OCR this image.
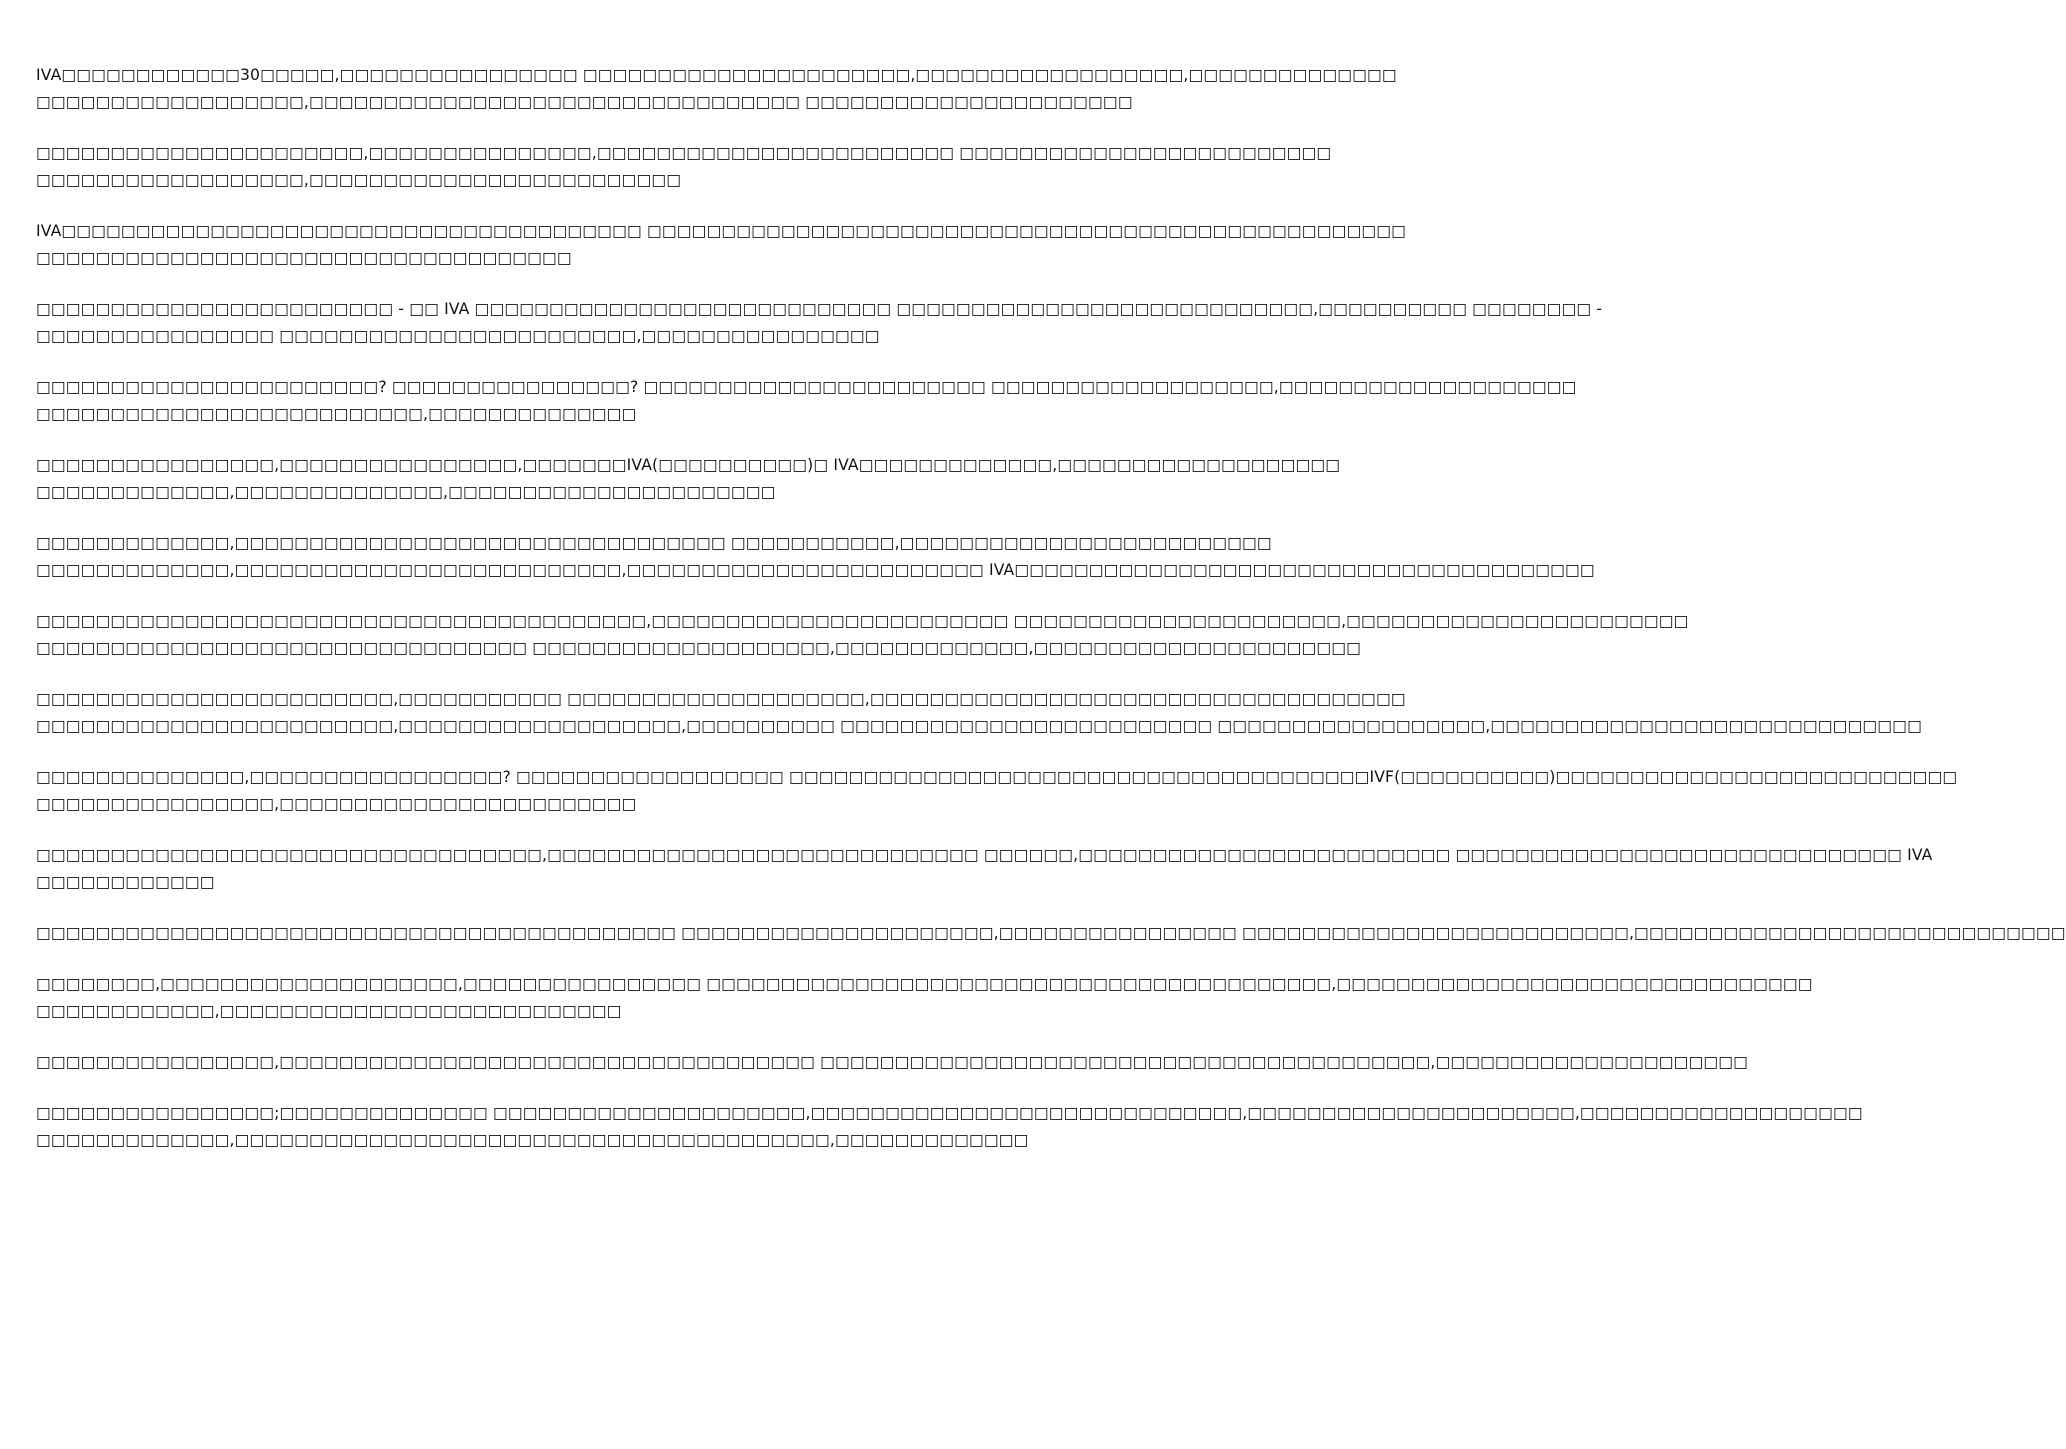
IVA□□□□□□□□□□□□30□□□□□,□□□□□□□□□□□□□□□□ □□□□□□□□□□□□□□□□□□□□□□,□□□□□□□□□□□□□□□□□□,□□□□□□□□□□□□□□
□□□□□□□□□□□□□□□□□□,□□□□□□□□□□□□□□□□□□□□□□□□□□□□□□□□□ □□□□□□□□□□□□□□□□□□□□□□
□□□□□□□□□□□□□□□□□□□□□□,□□□□□□□□□□□□□□□,□□□□□□□□□□□□□□□□□□□□□□□□ □□□□□□□□□□□□□□□□□□□□□□□□□
□□□□□□□□□□□□□□□□□□,□□□□□□□□□□□□□□□□□□□□□□□□□
IVA□□□□□□□□□□□□□□□□□□□□□□□□□□□□□□□□□□□□□□□ □□□□□□□□□□□□□□□□□□□□□□□□□□□□□□□□□□□□□□□□□□□□□□□□□□□
□□□□□□□□□□□□□□□□□□□□□□□□□□□□□□□□□□□□
□□□□□□□□□□□□□□□□□□□□□□□□ - □□ IVA □□□□□□□□□□□□□□□□□□□□□□□□□□□□ □□□□□□□□□□□□□□□□□□□□□□□□□□□□,□□□□□□□□□□ □□□□□□□□ -
□□□□□□□□□□□□□□□□ □□□□□□□□□□□□□□□□□□□□□□□□,□□□□□□□□□□□□□□□□
□□□□□□□□□□□□□□□□□□□□□□□? □□□□□□□□□□□□□□□□? □□□□□□□□□□□□□□□□□□□□□□□ □□□□□□□□□□□□□□□□□□□,□□□□□□□□□□□□□□□□□□□□
□□□□□□□□□□□□□□□□□□□□□□□□□□,□□□□□□□□□□□□□□
□□□□□□□□□□□□□□□□,□□□□□□□□□□□□□□□□,□□□□□□□IVA(□□□□□□□□□□)□ IVA□□□□□□□□□□□□□,□□□□□□□□□□□□□□□□□□□
□□□□□□□□□□□□□,□□□□□□□□□□□□□□,□□□□□□□□□□□□□□□□□□□□□□
□□□□□□□□□□□□□,□□□□□□□□□□□□□□□□□□□□□□□□□□□□□□□□□ □□□□□□□□□□□,□□□□□□□□□□□□□□□□□□□□□□□□□
□□□□□□□□□□□□□,□□□□□□□□□□□□□□□□□□□□□□□□□□,□□□□□□□□□□□□□□□□□□□□□□□□ IVA□□□□□□□□□□□□□□□□□□□□□□□□□□□□□□□□□□□□□□□
□□□□□□□□□□□□□□□□□□□□□□□□□□□□□□□□□□□□□□□□□,□□□□□□□□□□□□□□□□□□□□□□□□ □□□□□□□□□□□□□□□□□□□□□□,□□□□□□□□□□□□□□□□□□□□□□□
□□□□□□□□□□□□□□□□□□□□□□□□□□□□□□□□□ □□□□□□□□□□□□□□□□□□□□,□□□□□□□□□□□□□,□□□□□□□□□□□□□□□□□□□□□□
□□□□□□□□□□□□□□□□□□□□□□□□,□□□□□□□□□□□ □□□□□□□□□□□□□□□□□□□□,□□□□□□□□□□□□□□□□□□□□□□□□□□□□□□□□□□□□
□□□□□□□□□□□□□□□□□□□□□□□□,□□□□□□□□□□□□□□□□□□□,□□□□□□□□□□ □□□□□□□□□□□□□□□□□□□□□□□□□ □□□□□□□□□□□□□□□□□□,□□□□□□□□□□□□□□□□□□□□□□□□□□□□□
□□□□□□□□□□□□□□,□□□□□□□□□□□□□□□□□? □□□□□□□□□□□□□□□□□□ □□□□□□□□□□□□□□□□□□□□□□□□□□□□□□□□□□□□□□□IVF(□□□□□□□□□□)□□□□□□□□□□□□□□□□□□□□□□□□□□□
□□□□□□□□□□□□□□□□,□□□□□□□□□□□□□□□□□□□□□□□□
□□□□□□□□□□□□□□□□□□□□□□□□□□□□□□□□□□,□□□□□□□□□□□□□□□□□□□□□□□□□□□□□ □□□□□□,□□□□□□□□□□□□□□□□□□□□□□□□□ □□□□□□□□□□□□□□□□□□□□□□□□□□□□□□ IVA
□□□□□□□□□□□□
□□□□□□□□□□□□□□□□□□□□□□□□□□□□□□□□□□□□□□□□□□□ □□□□□□□□□□□□□□□□□□□□□,□□□□□□□□□□□□□□□□ □□□□□□□□□□□□□□□□□□□□□□□□□□,□□□□□□□□□□□□□□□□□□□□□□□□□□□□□
□□□□□□□□,□□□□□□□□□□□□□□□□□□□□,□□□□□□□□□□□□□□□□ □□□□□□□□□□□□□□□□□□□□□□□□□□□□□□□□□□□□□□□□□□,□□□□□□□□□□□□□□□□□□□□□□□□□□□□□□□□
□□□□□□□□□□□□,□□□□□□□□□□□□□□□□□□□□□□□□□□□
□□□□□□□□□□□□□□□□,□□□□□□□□□□□□□□□□□□□□□□□□□□□□□□□□□□□□ □□□□□□□□□□□□□□□□□□□□□□□□□□□□□□□□□□□□□□□□□,□□□□□□□□□□□□□□□□□□□□□
□□□□□□□□□□□□□□□□;□□□□□□□□□□□□□□ □□□□□□□□□□□□□□□□□□□□□,□□□□□□□□□□□□□□□□□□□□□□□□□□□□□,□□□□□□□□□□□□□□□□□□□□□□,□□□□□□□□□□□□□□□□□□□
□□□□□□□□□□□□□,□□□□□□□□□□□□□□□□□□□□□□□□□□□□□□□□□□□□□□□□,□□□□□□□□□□□□□
